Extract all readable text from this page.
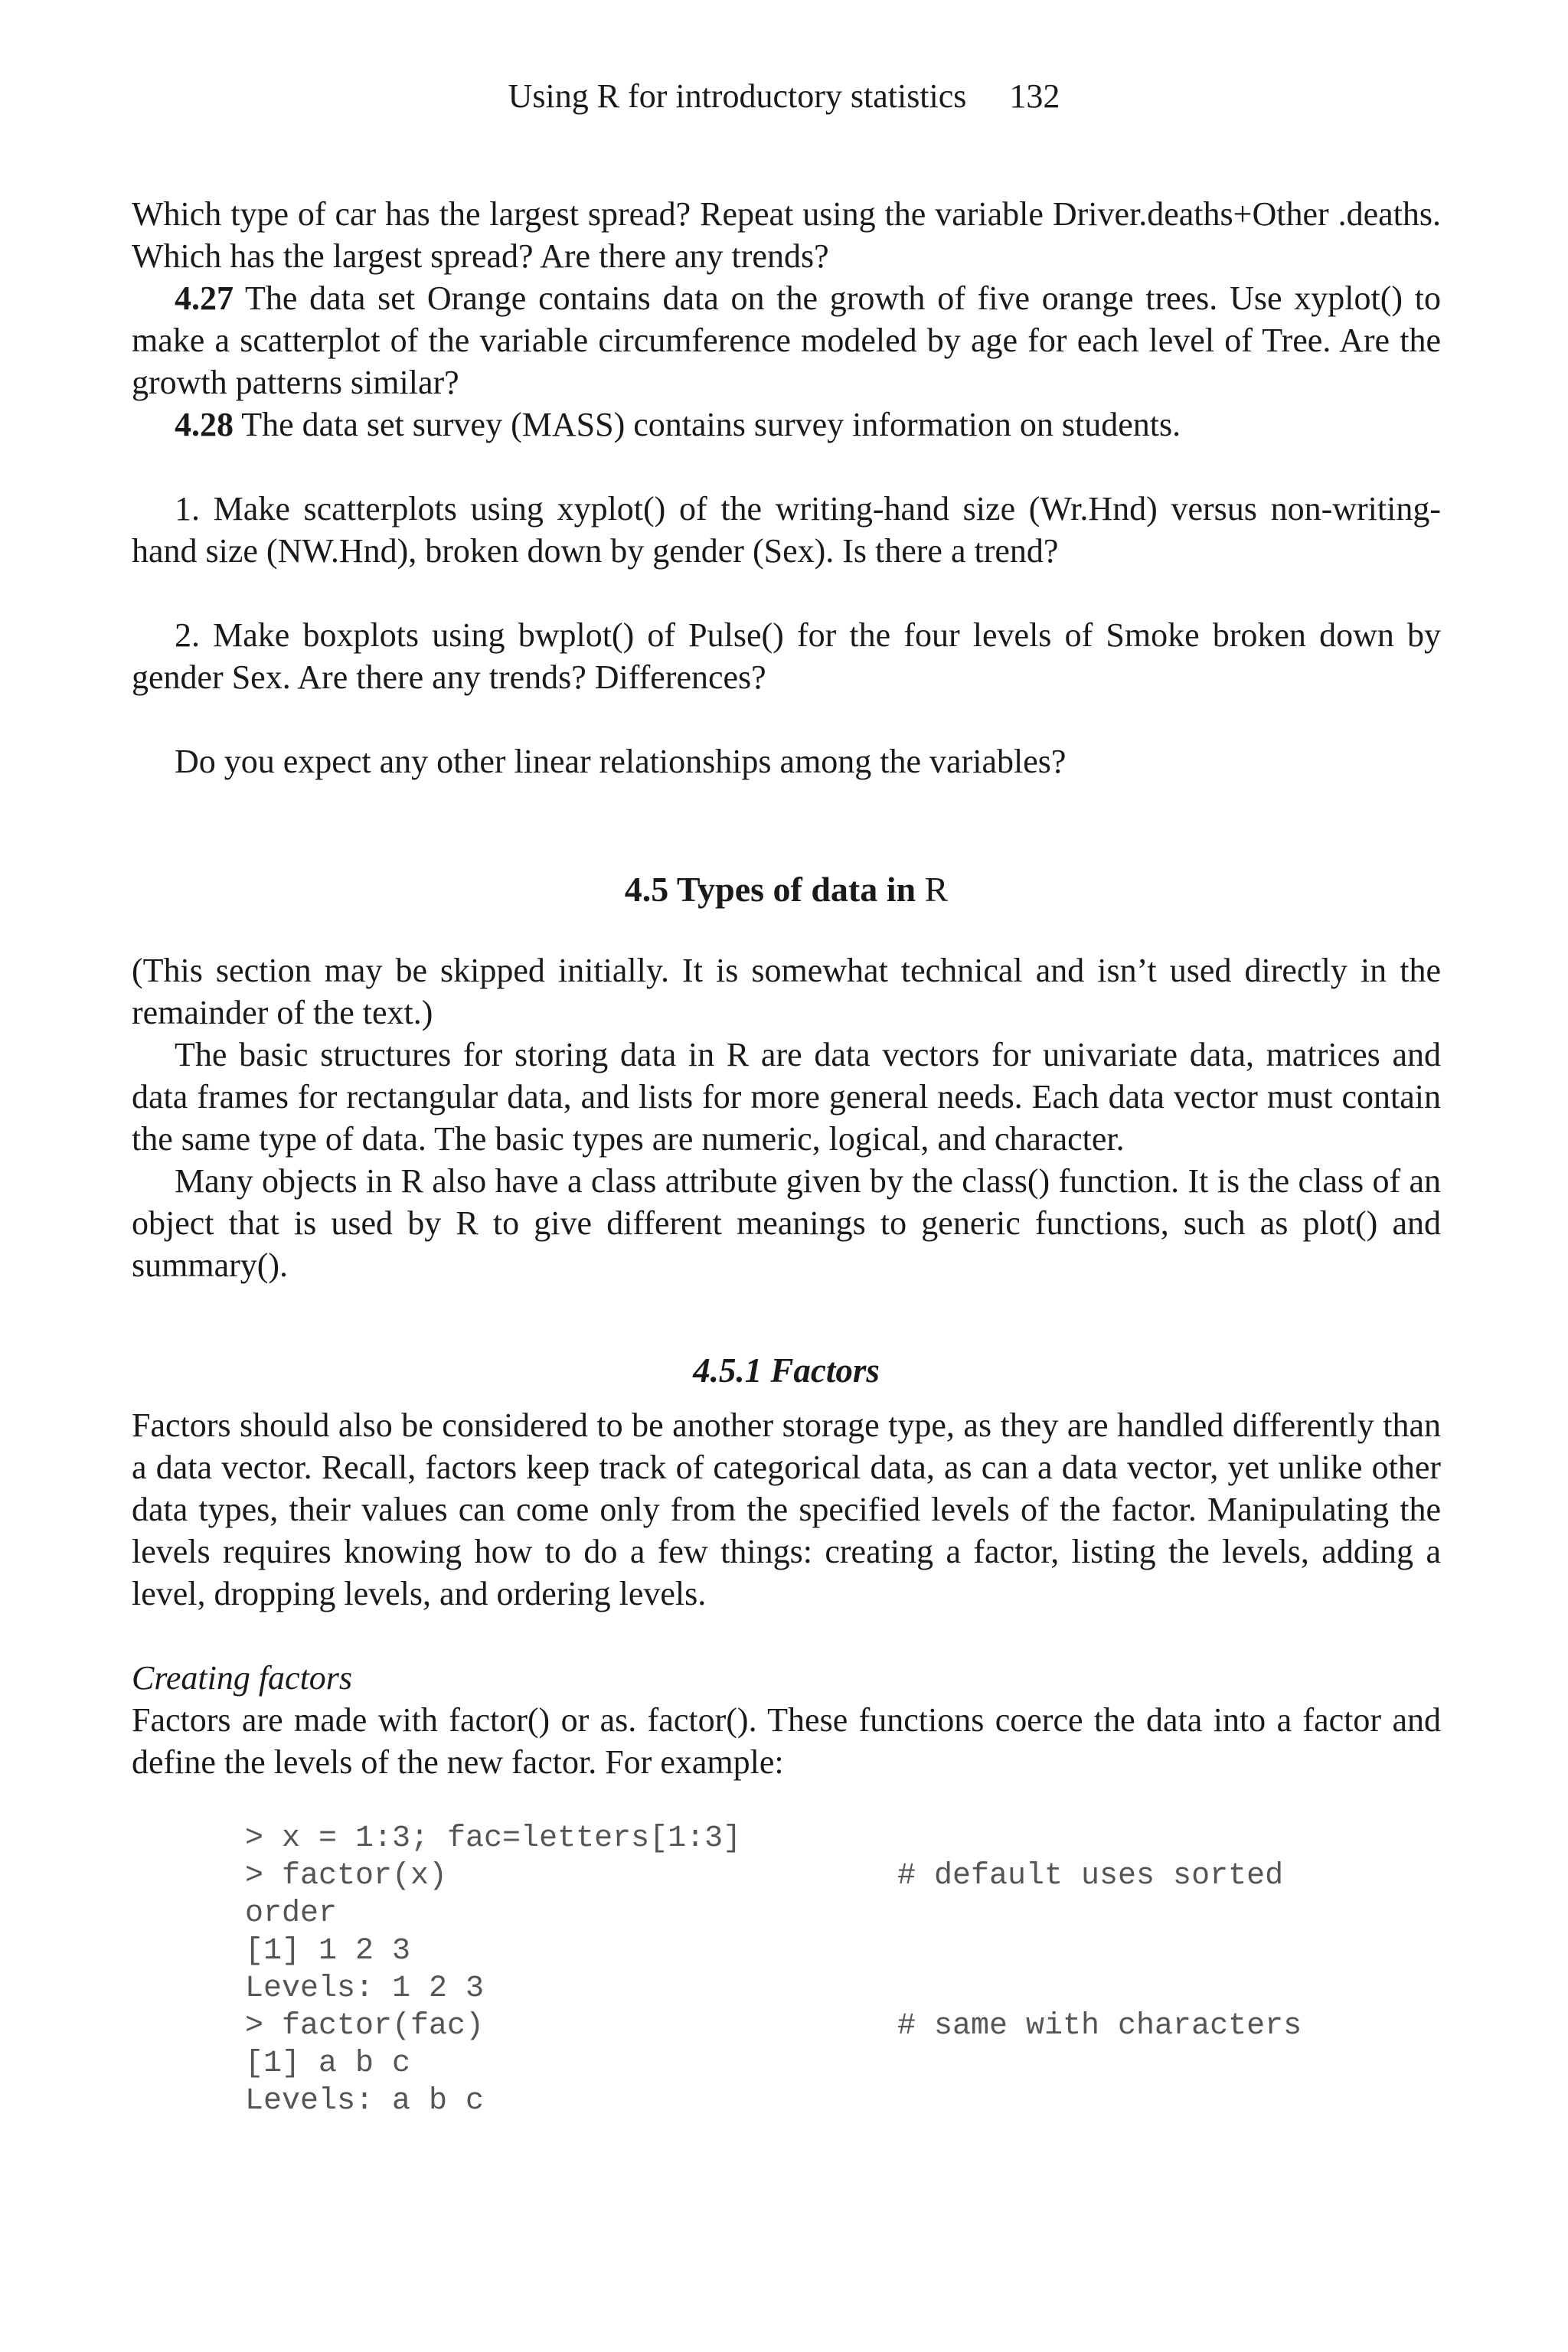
Using R for introductory statistics 132

Which type of car has the largest spread? Repeat using the variable Driver.deaths+Other .deaths. Which has the largest spread? Are there any trends?

4.27 The data set Orange contains data on the growth of five orange trees. Use xyplot() to make a scatterplot of the variable circumference modeled by age for each level of Tree. Are the growth patterns similar?

4.28 The data set survey (MASS) contains survey information on students.

1. Make scatterplots using xyplot() of the writing-hand size (Wr.Hnd) versus non-writing-hand size (NW.Hnd), broken down by gender (Sex). Is there a trend?

2. Make boxplots using bwplot() of Pulse() for the four levels of Smoke broken down by gender Sex. Are there any trends? Differences?

Do you expect any other linear relationships among the variables?

4.5 Types of data in R

(This section may be skipped initially. It is somewhat technical and isn’t used directly in the remainder of the text.)

The basic structures for storing data in R are data vectors for univariate data, matrices and data frames for rectangular data, and lists for more general needs. Each data vector must contain the same type of data. The basic types are numeric, logical, and character.

Many objects in R also have a class attribute given by the class() function. It is the class of an object that is used by R to give different meanings to generic functions, such as plot() and summary().

4.5.1 Factors

Factors should also be considered to be another storage type, as they are handled differently than a data vector. Recall, factors keep track of categorical data, as can a data vector, yet unlike other data types, their values can come only from the specified levels of the factor. Manipulating the levels requires knowing how to do a few things: creating a factor, listing the levels, adding a level, dropping levels, and ordering levels.

Creating factors

Factors are made with factor() or as. factor(). These functions coerce the data into a factor and define the levels of the new factor. For example:

> x = 1:3; fac=letters[1:3]
> factor(x)	# default uses sorted
order
[1] 1 2 3
Levels: 1 2 3
> factor(fac)	# same with characters
[1] a b c
Levels: a b c
